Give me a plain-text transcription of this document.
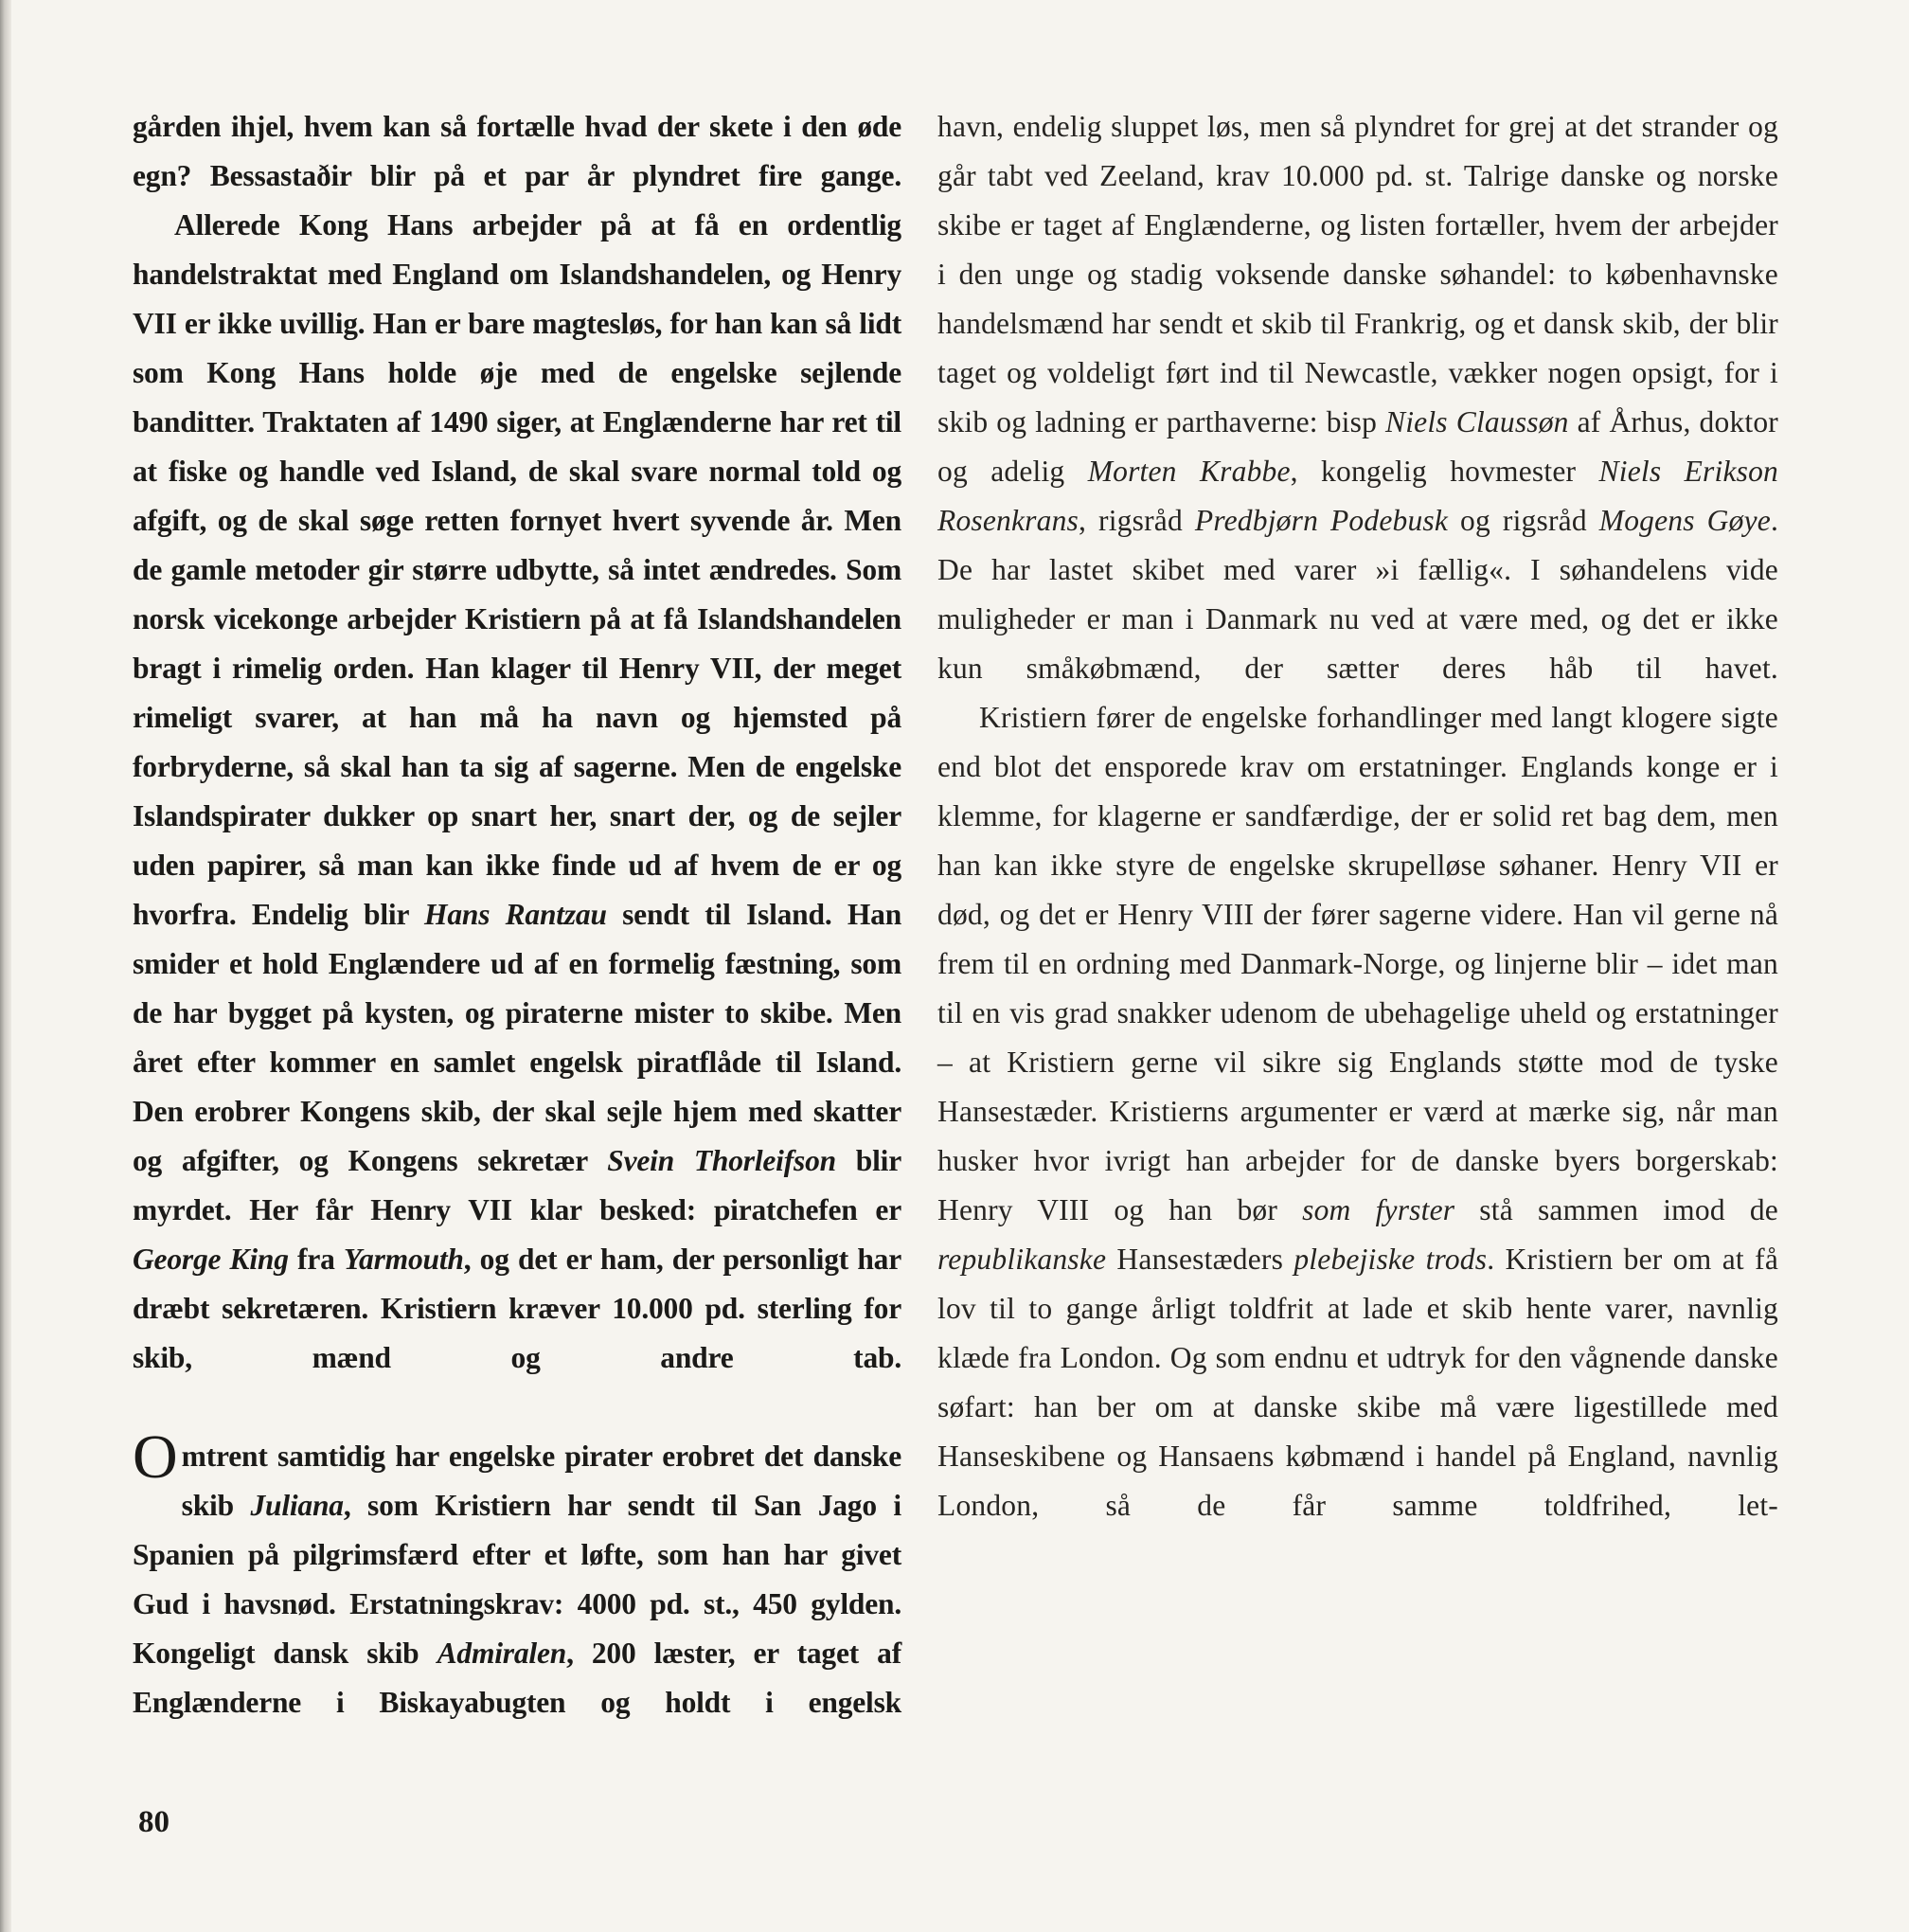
gården ihjel, hvem kan så fortælle hvad der skete i den øde egn? Bessastaðir blir på et par år plyndret fire gange.

Allerede Kong Hans arbejder på at få en ordentlig handelstraktat med England om Islandshandelen, og Henry VII er ikke uvillig. Han er bare magtesløs, for han kan så lidt som Kong Hans holde øje med de engelske sejlende banditter. Traktaten af 1490 siger, at Englænderne har ret til at fiske og handle ved Island, de skal svare normal told og afgift, og de skal søge retten fornyet hvert syvende år. Men de gamle metoder gir større udbytte, så intet ændredes. Som norsk vicekonge arbejder Kristiern på at få Islandshandelen bragt i rimelig orden. Han klager til Henry VII, der meget rimeligt svarer, at han må ha navn og hjemsted på forbryderne, så skal han ta sig af sagerne. Men de engelske Islandspirater dukker op snart her, snart der, og de sejler uden papirer, så man kan ikke finde ud af hvem de er og hvorfra. Endelig blir Hans Rantzau sendt til Island. Han smider et hold Englændere ud af en formelig fæstning, som de har bygget på kysten, og piraterne mister to skibe. Men året efter kommer en samlet engelsk piratflåde til Island. Den erobrer Kongens skib, der skal sejle hjem med skatter og afgifter, og Kongens sekretær Svein Thorleifson blir myrdet. Her får Henry VII klar besked: piratchefen er George King fra Yarmouth, og det er ham, der personligt har dræbt sekretæren. Kristiern kræver 10.000 pd. sterling for skib, mænd og andre tab.

Omtrent samtidig har engelske pirater erobret det danske skib Juliana, som Kristiern har sendt til San Jago i Spanien på pilgrimsfærd efter et løfte, som han har givet Gud i havsnød. Erstatningskrav: 4000 pd. st., 450 gylden. Kongeligt dansk skib Admiralen, 200 læster, er taget af Englænderne i Biskayabugten og holdt i engelsk

havn, endelig sluppet løs, men så plyndret for grej at det strander og går tabt ved Zeeland, krav 10.000 pd. st. Talrige danske og norske skibe er taget af Englænderne, og listen fortæller, hvem der arbejder i den unge og stadig voksende danske søhandel: to københavnske handelsmænd har sendt et skib til Frankrig, og et dansk skib, der blir taget og voldeligt ført ind til Newcastle, vækker nogen opsigt, for i skib og ladning er parthaverne: bisp Niels Claussøn af Århus, doktor og adelig Morten Krabbe, kongelig hovmester Niels Erikson Rosenkrans, rigsråd Predbjørn Podebusk og rigsråd Mogens Gøye. De har lastet skibet med varer »i fællig«. I søhandelens vide muligheder er man i Danmark nu ved at være med, og det er ikke kun småkøbmænd, der sætter deres håb til havet.

Kristiern fører de engelske forhandlinger med langt klogere sigte end blot det ensporede krav om erstatninger. Englands konge er i klemme, for klagerne er sandfærdige, der er solid ret bag dem, men han kan ikke styre de engelske skrupelløse søhaner. Henry VII er død, og det er Henry VIII der fører sagerne videre. Han vil gerne nå frem til en ordning med Danmark-Norge, og linjerne blir – idet man til en vis grad snakker udenom de ubehagelige uheld og erstatninger – at Kristiern gerne vil sikre sig Englands støtte mod de tyske Hansestæder. Kristierns argumenter er værd at mærke sig, når man husker hvor ivrigt han arbejder for de danske byers borgerskab: Henry VIII og han bør som fyrster stå sammen imod de republikanske Hansestæders plebejiske trods. Kristiern ber om at få lov til to gange årligt toldfrit at lade et skib hente varer, navnlig klæde fra London. Og som endnu et udtryk for den vågnende danske søfart: han ber om at danske skibe må være ligestillede med Hanseskibene og Hansaens købmænd i handel på England, navnlig London, så de får samme toldfrihed, let-

80
